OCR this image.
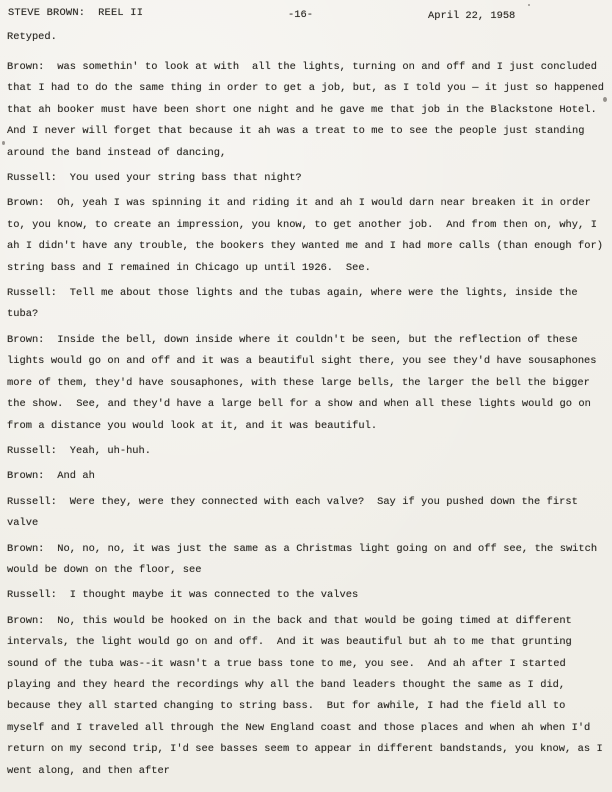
STEVE BROWN:  REEL II	-16-	April 22, 1958
Retyped.

Brown:  was somethin' to look at with  all the lights, turning on and off and I just concluded that I had to do the same thing in order to get a job, but, as I told you — it just so happened that ah booker must have been short one night and he gave me that job in the Blackstone Hotel. And I never will forget that because it ah was a treat to me to see the people just standing around the band instead of dancing,

Russell:  You used your string bass that night?

Brown:  Oh, yeah I was spinning it and riding it and ah I would darn near breaken it in order to, you know, to create an impression, you know, to get another job.  And from then on, why, I ah I didn't have any trouble, the bookers they wanted me and I had more calls (than enough for) string bass and I remained in Chicago up until 1926.  See.

Russell:  Tell me about those lights and the tubas again, where were the lights, inside the tuba?

Brown:  Inside the bell, down inside where it couldn't be seen, but the reflection of these lights would go on and off and it was a beautiful sight there, you see they'd have sousaphones more of them, they'd have sousaphones, with these large bells, the larger the bell the bigger the show.  See, and they'd have a large bell for a show and when all these lights would go on from a distance you would look at it, and it was beautiful.

Russell:  Yeah, uh-huh.

Brown:  And ah

Russell:  Were they, were they connected with each valve?  Say if you pushed down the first valve

Brown:  No, no, no, it was just the same as a Christmas light going on and off see, the switch would be down on the floor, see

Russell:  I thought maybe it was connected to the valves

Brown:  No, this would be hooked on in the back and that would be going timed at different intervals, the light would go on and off.  And it was beautiful but ah to me that grunting sound of the tuba was--it wasn't a true bass tone to me, you see.  And ah after I started playing and they heard the recordings why all the band leaders thought the same as I did, because they all started changing to string bass.  But for awhile, I had the field all to myself and I traveled all through the New England coast and those places and when ah when I'd return on my second trip, I'd see basses seem to appear in different bandstands, you know, as I went along, and then after
